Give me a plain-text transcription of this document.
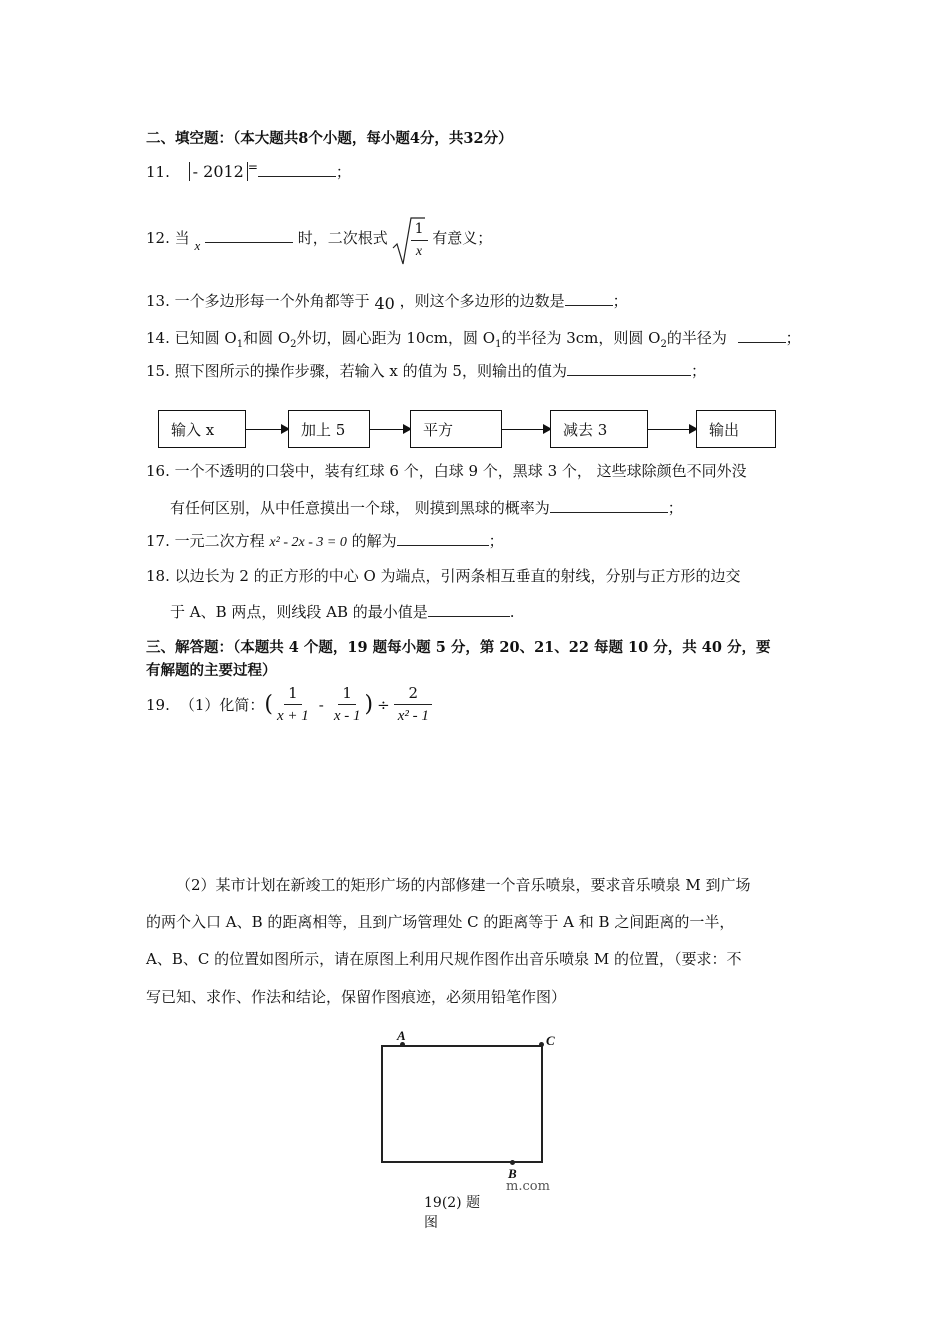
二、填空题：（本大题共8个小题，每小题4分，共32分）
11. - 2012 =	；
12. 当 x	时，二次根式 $\frac{1}{x}$ 有意义；
13. 一个多边形每一个外角都等于 40 ，则这个多边形的边数是	；
14. 已知圆 $O_1$和圆 $O_2$外切，圆心距为 10cm，圆 $O_1$的半径为 3cm，则圆 $O_2$的半径为	；
15. 照下图所示的操作步骤，若输入 x 的值为 5，则输出的值为	；
输入 x	加上 5	平方	减去 3	输出
16. 一个不透明的口袋中，装有红球 6 个，白球 9 个，黑球 3 个， 这些球除颜色不同外没
有任何区别，从中任意摸出一个球， 则摸到黑球的概率为	；
17. 一元二次方程 x² - 2x - 3 = 0 的解为	；
18. 以边长为 2 的正方形的中心 O 为端点，引两条相互垂直的射线，分别与正方形的边交
于 A、B 两点，则线段 AB 的最小值是	.
三、解答题：（本题共 4 个题，19 题每小题 5 分，第 20、21、22 每题 10 分，共 40 分，要
有解题的主要过程）
19. （1）化简： ( $\frac{1}{x + 1} - \frac{1}{x - 1}$ ) ÷ $\frac{2}{\text{x² - 1}}$
（2）某市计划在新竣工的矩形广场的内部修建一个音乐喷泉，要求音乐喷泉 M 到广场
的两个入口 A、B 的距离相等，且到广场管理处 C 的距离等于 A 和 B 之间距离的一半，
A、B、C 的位置如图所示，请在原图上利用尺规作图作出音乐喷泉 M 的位置，（要求：不
写已知、求作、作法和结论，保留作图痕迹，必须用铅笔作图）
A	C
B
m.com
19(2) 题
图
